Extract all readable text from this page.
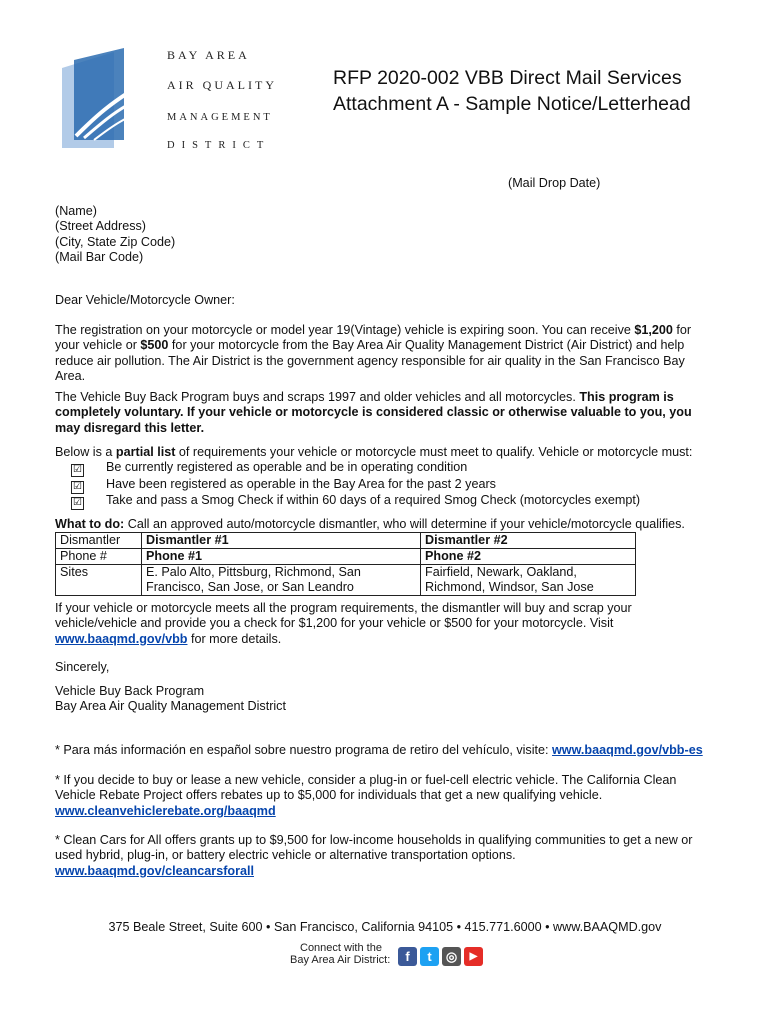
BAY AREA
AIR QUALITY
MANAGEMENT
DISTRICT
RFP 2020-002 VBB Direct Mail Services
Attachment A - Sample Notice/Letterhead
(Mail Drop Date)
(Name)
(Street Address)
(City, State Zip Code)
(Mail Bar Code)
Dear Vehicle/Motorcycle Owner:
The registration on your motorcycle or model year 19(Vintage) vehicle is expiring soon. You can receive $1,200 for your vehicle or $500 for your motorcycle from the Bay Area Air Quality Management District (Air District) and help reduce air pollution. The Air District is the government agency responsible for air quality in the San Francisco Bay Area.
The Vehicle Buy Back Program buys and scraps 1997 and older vehicles and all motorcycles. This program is completely voluntary. If your vehicle or motorcycle is considered classic or otherwise valuable to you, you may disregard this letter.
Below is a partial list of requirements your vehicle or motorcycle must meet to qualify. Vehicle or motorcycle must:
☑ Be currently registered as operable and be in operating condition
☑ Have been registered as operable in the Bay Area for the past 2 years
☑ Take and pass a Smog Check if within 60 days of a required Smog Check (motorcycles exempt)
What to do: Call an approved auto/motorcycle dismantler, who will determine if your vehicle/motorcycle qualifies.
Dismantler	Dismantler #1	Dismantler #2
Phone #	Phone #1	Phone #2
Sites	E. Palo Alto, Pittsburg, Richmond, San Francisco, San Jose, or San Leandro	Fairfield, Newark, Oakland, Richmond, Windsor, San Jose
If your vehicle or motorcycle meets all the program requirements, the dismantler will buy and scrap your vehicle/vehicle and provide you a check for $1,200 for your vehicle or $500 for your motorcycle. Visit www.baaqmd.gov/vbb for more details.
Sincerely,
Vehicle Buy Back Program
Bay Area Air Quality Management District
* Para más información en español sobre nuestro programa de retiro del vehículo, visite: www.baaqmd.gov/vbb-es
* If you decide to buy or lease a new vehicle, consider a plug-in or fuel-cell electric vehicle. The California Clean Vehicle Rebate Project offers rebates up to $5,000 for individuals that get a new qualifying vehicle.
www.cleanvehiclerebate.org/baaqmd
* Clean Cars for All offers grants up to $9,500 for low-income households in qualifying communities to get a new or used hybrid, plug-in, or battery electric vehicle or alternative transportation options.
www.baaqmd.gov/cleancarsforall
375 Beale Street, Suite 600 • San Francisco, California 94105 • 415.771.6000 • www.BAAQMD.gov
Connect with the
Bay Area Air District:	f	t	◎	▶
